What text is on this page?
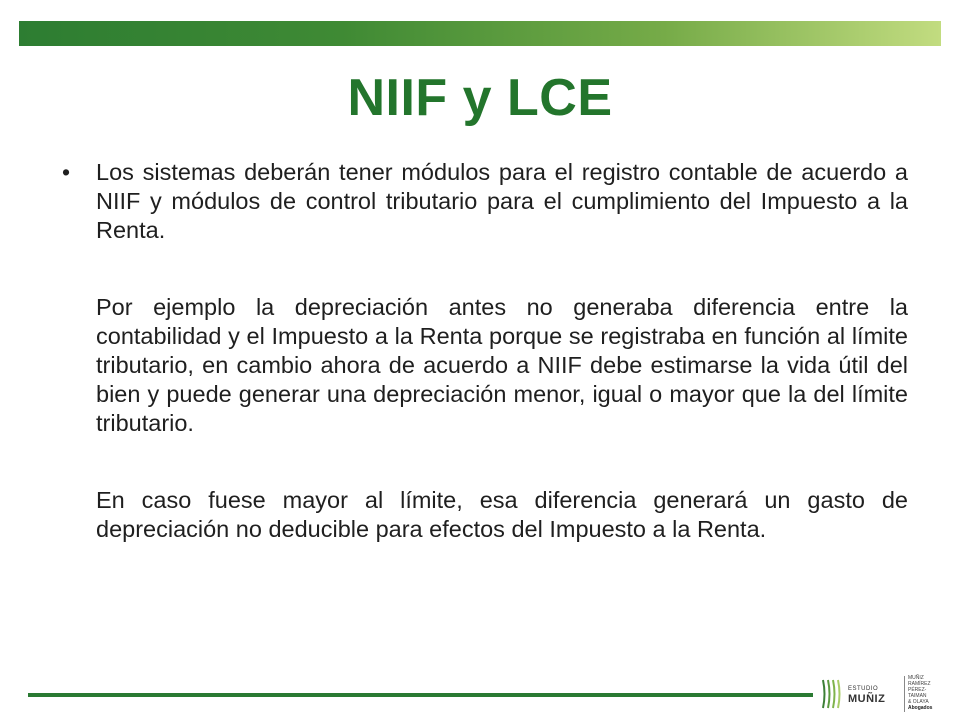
NIIF y LCE
• Los sistemas deberán tener módulos para el registro contable de acuerdo a NIIF y módulos de control tributario para el cumplimiento del Impuesto a la Renta.

Por ejemplo la depreciación antes no generaba diferencia entre la contabilidad y el Impuesto a la Renta porque se registraba en función al límite tributario, en cambio ahora de acuerdo a NIIF debe estimarse la vida útil del bien y puede generar una depreciación menor, igual o mayor que la del límite tributario.

En caso fuese mayor al límite, esa diferencia generará un gasto de depreciación no deducible para efectos del Impuesto a la Renta.

ESTUDIO
MUÑIZ
MUÑIZ
RAMÍREZ
PÉREZ-TAIMAN
& OLAYA
Abogados
